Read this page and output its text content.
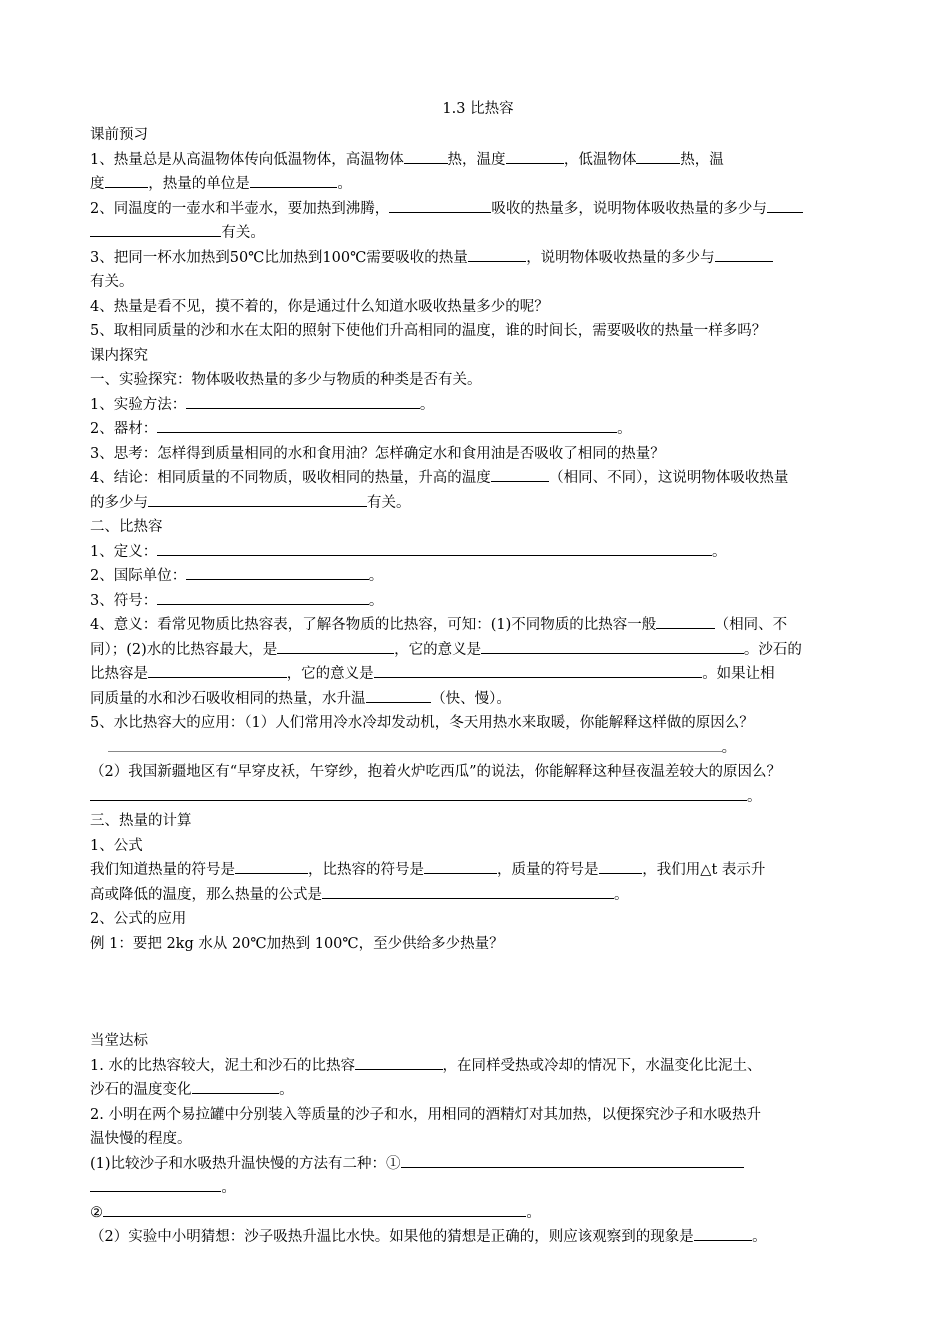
1.3 比热容
课前预习
1、热量总是从高温物体传向低温物体，高温物体	热，温度	，低温物体	热，温
度	，热量的单位是	。
2、同温度的一壶水和半壶水，要加热到沸腾，	吸收的热量多，说明物体吸收热量的多少与
有关。
3、把同一杯水加热到50℃比加热到100℃需要吸收的热量	，说明物体吸收热量的多少与
有关。
4、热量是看不见，摸不着的，你是通过什么知道水吸收热量多少的呢？
5、取相同质量的沙和水在太阳的照射下使他们升高相同的温度，谁的时间长，需要吸收的热量一样多吗？
课内探究
一、实验探究：物体吸收热量的多少与物质的种类是否有关。
1、实验方法：	。
2、器材：	。
3、思考：怎样得到质量相同的水和食用油？怎样确定水和食用油是否吸收了相同的热量？
4、结论：相同质量的不同物质，吸收相同的热量，升高的温度	（相同、不同），这说明物体吸收热量
的多少与	有关。
二、比热容
1、定义：	。
2、国际单位：	。
3、符号：	。
4、意义：看常见物质比热容表，了解各物质的比热容，可知：(1)不同物质的比热容一般	（相同、不
同）；(2)水的比热容最大，是	，它的意义是	。沙石的
比热容是	，它的意义是	。如果让相
同质量的水和沙石吸收相同的热量，水升温	（快、慢）。
5、水比热容大的应用：（1）人们常用冷水冷却发动机，冬天用热水来取暖，你能解释这样做的原因么？
。
（2）我国新疆地区有“早穿皮袄，午穿纱，抱着火炉吃西瓜”的说法，你能解释这种昼夜温差较大的原因么？
。
三、热量的计算
1、公式
我们知道热量的符号是	，比热容的符号是	，质量的符号是	，我们用△t 表示升
高或降低的温度，那么热量的公式是	。
2、公式的应用
例 1：要把 2kg 水从 20℃加热到 100℃，至少供给多少热量？
当堂达标
1. 水的比热容较大，泥土和沙石的比热容	，在同样受热或冷却的情况下，水温变化比泥土、
沙石的温度变化	。
2. 小明在两个易拉罐中分别装入等质量的沙子和水，用相同的酒精灯对其加热，以便探究沙子和水吸热升
温快慢的程度。
(1)比较沙子和水吸热升温快慢的方法有二种：①
。
②	。
（2）实验中小明猜想：沙子吸热升温比水快。如果他的猜想是正确的，则应该观察到的现象是	。
